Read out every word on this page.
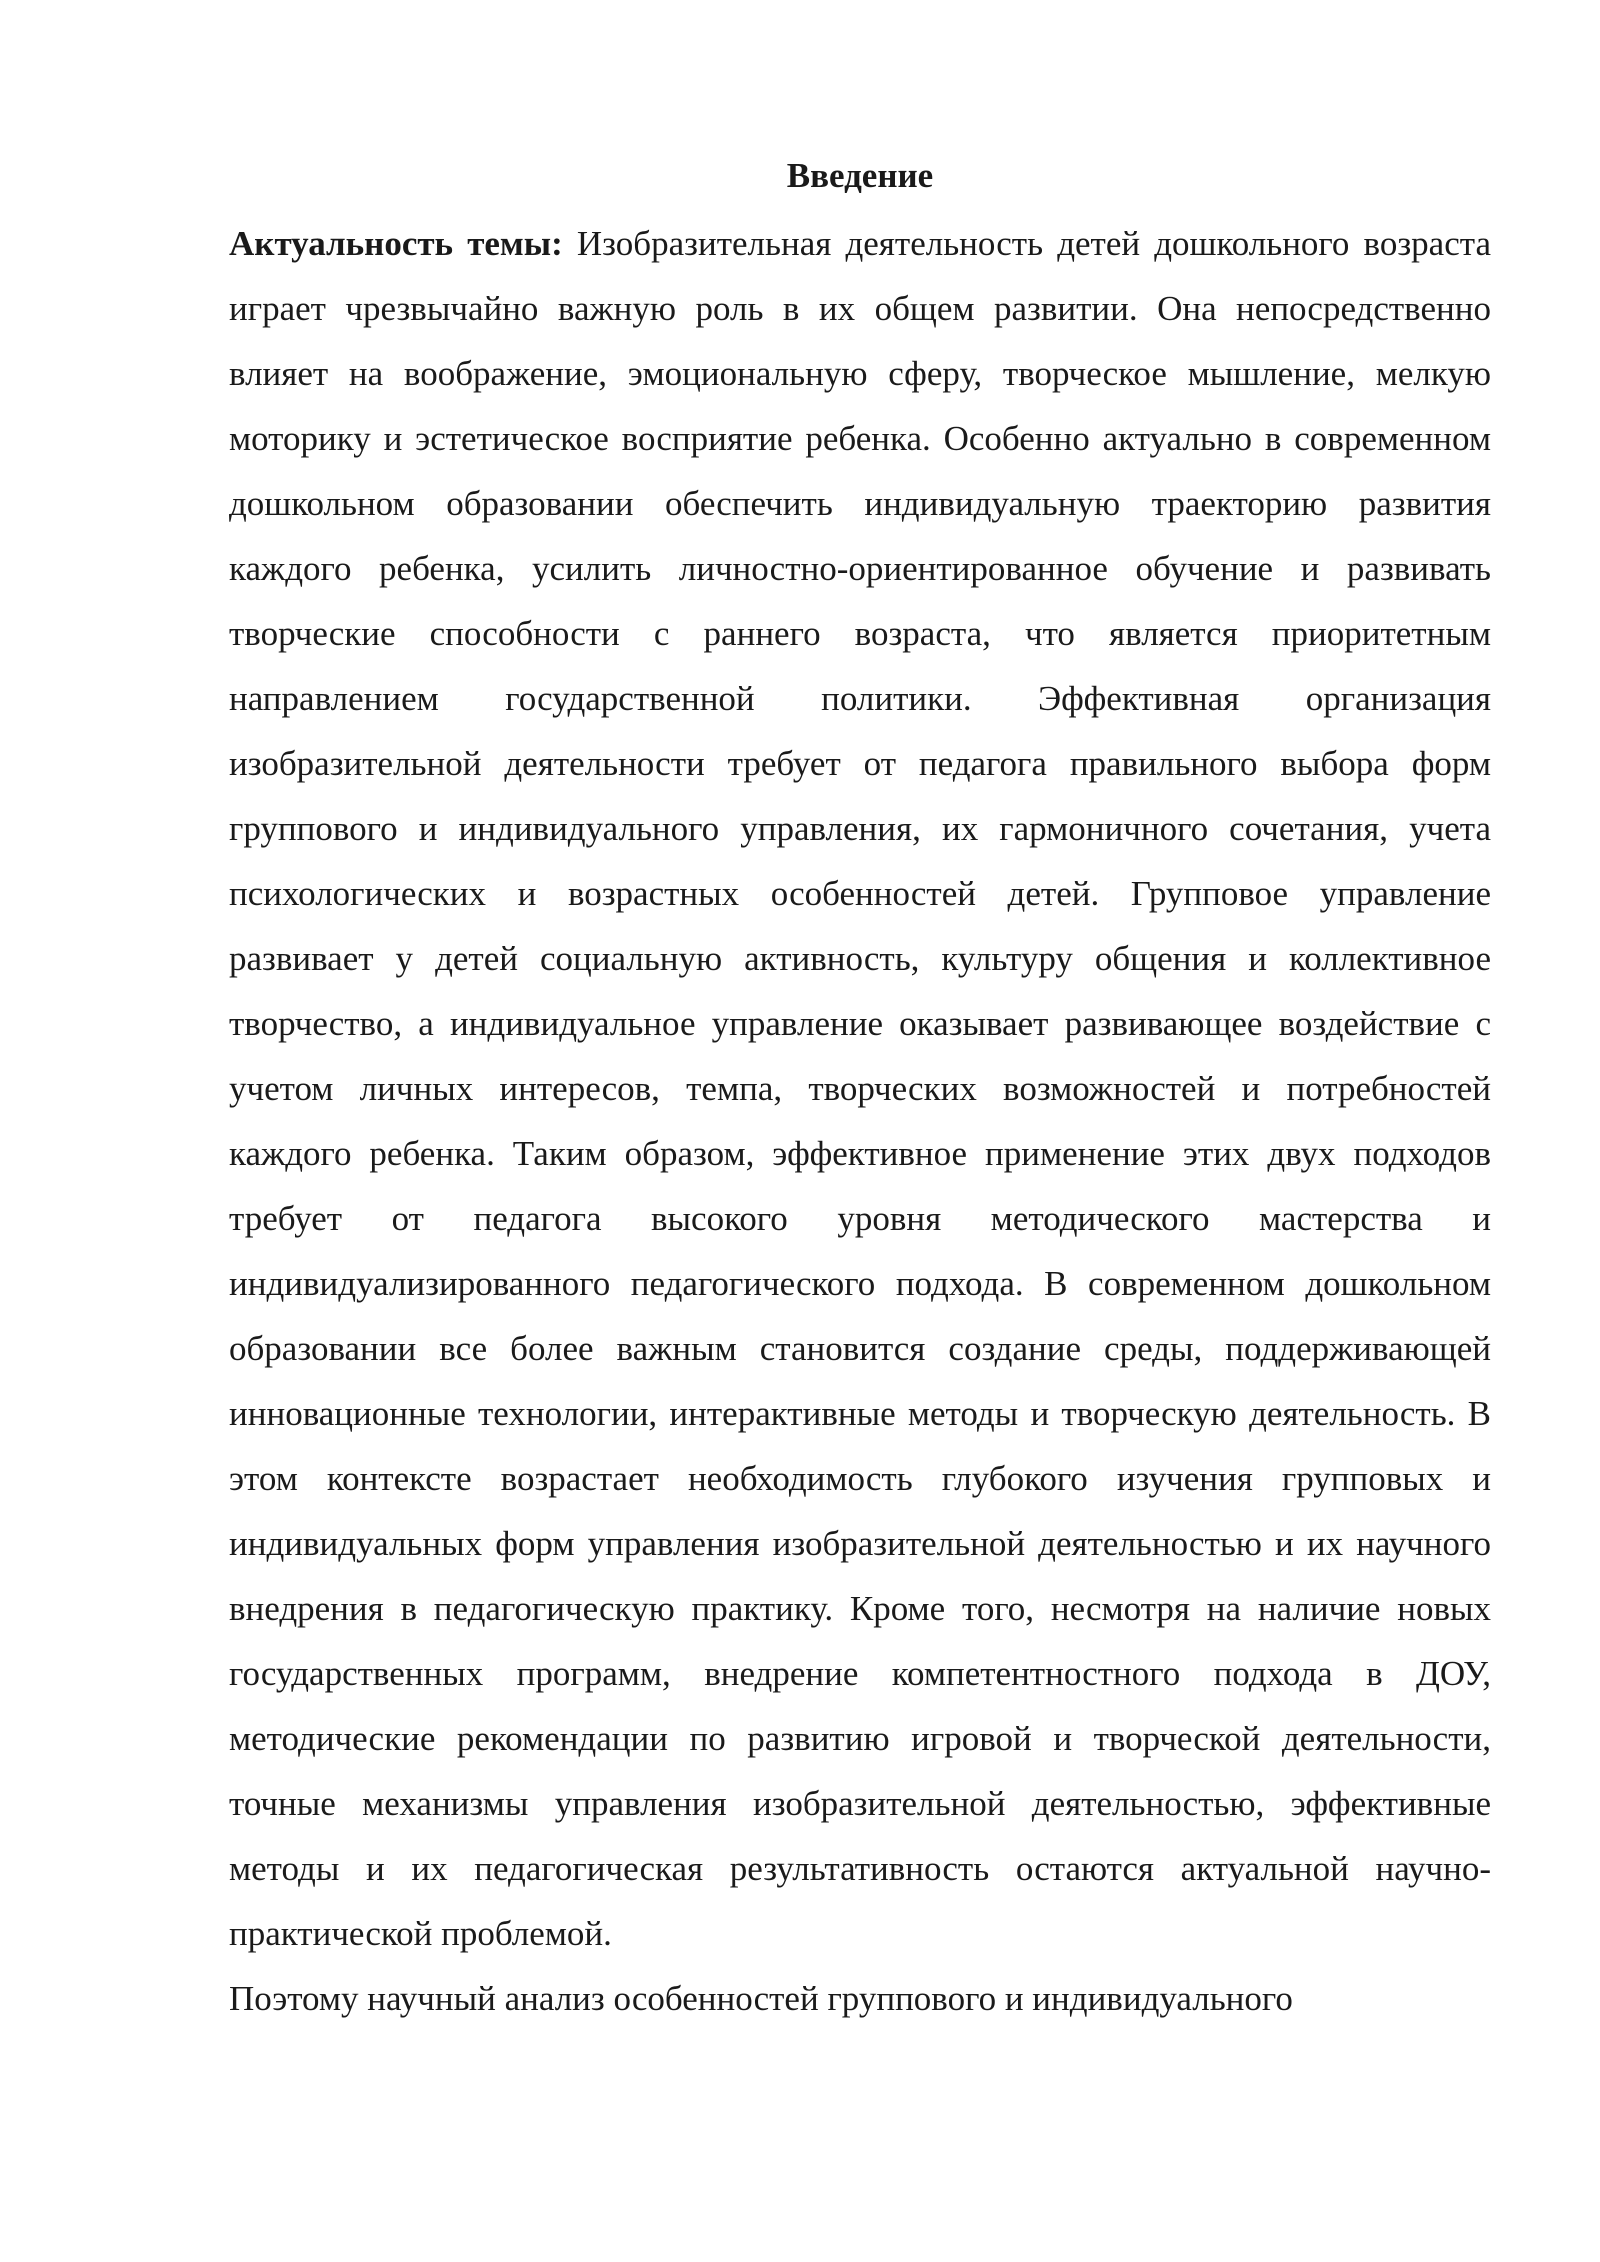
Введение

Актуальность темы: Изобразительная деятельность детей дошкольного возраста играет чрезвычайно важную роль в их общем развитии. Она непосредственно влияет на воображение, эмоциональную сферу, творческое мышление, мелкую моторику и эстетическое восприятие ребенка. Особенно актуально в современном дошкольном образовании обеспечить индивидуальную траекторию развития каждого ребенка, усилить личностно-ориентированное обучение и развивать творческие способности с раннего возраста, что является приоритетным направлением государственной политики. Эффективная организация изобразительной деятельности требует от педагога правильного выбора форм группового и индивидуального управления, их гармоничного сочетания, учета психологических и возрастных особенностей детей. Групповое управление развивает у детей социальную активность, культуру общения и коллективное творчество, а индивидуальное управление оказывает развивающее воздействие с учетом личных интересов, темпа, творческих возможностей и потребностей каждого ребенка. Таким образом, эффективное применение этих двух подходов требует от педагога высокого уровня методического мастерства и индивидуализированного педагогического подхода. В современном дошкольном образовании все более важным становится создание среды, поддерживающей инновационные технологии, интерактивные методы и творческую деятельность. В этом контексте возрастает необходимость глубокого изучения групповых и индивидуальных форм управления изобразительной деятельностью и их научного внедрения в педагогическую практику. Кроме того, несмотря на наличие новых государственных программ, внедрение компетентностного подхода в ДОУ, методические рекомендации по развитию игровой и творческой деятельности, точные механизмы управления изобразительной деятельностью, эффективные методы и их педагогическая результативность остаются актуальной научно-практической проблемой.

Поэтому научный анализ особенностей группового и индивидуального
